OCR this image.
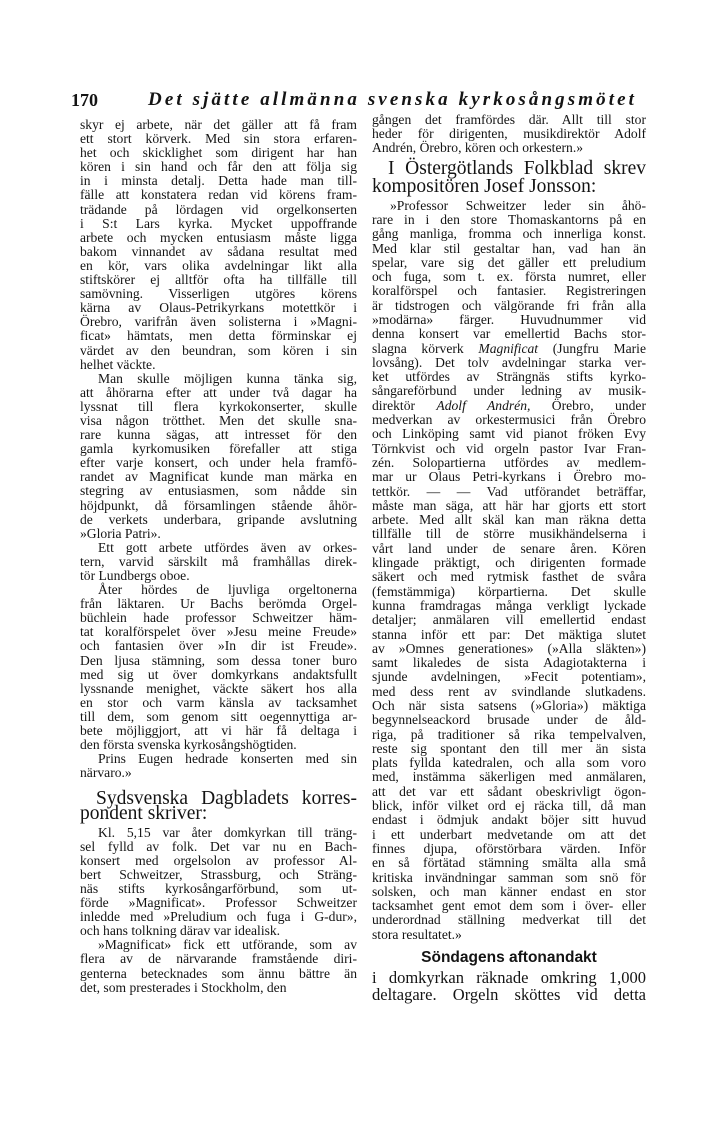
170	Det sjätte allmänna svenska kyrkosångsmötet
skyr ej arbete, när det gäller att få fram
ett stort körverk. Med sin stora erfaren-
het och skicklighet som dirigent har han
kören i sin hand och får den att följa sig
in i minsta detalj. Detta hade man till-
fälle att konstatera redan vid körens fram-
trädande på lördagen vid orgelkonserten
i S:t Lars kyrka. Mycket uppoffrande
arbete och mycken entusiasm måste ligga
bakom vinnandet av sådana resultat med
en kör, vars olika avdelningar likt alla
stiftskörer ej alltför ofta ha tillfälle till
samövning. Visserligen utgöres körens
kärna av Olaus-Petrikyrkans motettkör i
Örebro, varifrån även solisterna i »Magni-
ficat» hämtats, men detta förminskar ej
värdet av den beundran, som kören i sin
helhet väckte.
Man skulle möjligen kunna tänka sig,
att åhörarna efter att under två dagar ha
lyssnat till flera kyrkokonserter, skulle
visa någon trötthet. Men det skulle sna-
rare kunna sägas, att intresset för den
gamla kyrkomusiken förefaller att stiga
efter varje konsert, och under hela framfö-
randet av Magnificat kunde man märka en
stegring av entusiasmen, som nådde sin
höjdpunkt, då församlingen stående åhör-
de verkets underbara, gripande avslutning
»Gloria Patri».
Ett gott arbete utfördes även av orkes-
tern, varvid särskilt må framhållas direk-
tör Lundbergs oboe.
Åter hördes de ljuvliga orgeltonerna
från läktaren. Ur Bachs berömda Orgel-
büchlein hade professor Schweitzer häm-
tat koralförspelet över »Jesu meine Freude»
och fantasien över »In dir ist Freude».
Den ljusa stämning, som dessa toner buro
med sig ut över domkyrkans andaktsfullt
lyssnande menighet, väckte säkert hos alla
en stor och varm känsla av tacksamhet
till dem, som genom sitt oegennyttiga ar-
bete möjliggjort, att vi här få deltaga i
den första svenska kyrkosångshögtiden.
Prins Eugen hedrade konserten med sin
närvaro.»
Sydsvenska Dagbladets korres-
pondent skriver:
Kl. 5,15 var åter domkyrkan till träng-
sel fylld av folk. Det var nu en Bach-
konsert med orgelsolon av professor Al-
bert Schweitzer, Strassburg, och Sträng-
näs stifts kyrkosångarförbund, som ut-
förde »Magnificat». Professor Schweitzer
inledde med »Preludium och fuga i G-dur»,
och hans tolkning därav var idealisk.
»Magnificat» fick ett utförande, som av
flera av de närvarande framstående diri-
genterna betecknades som ännu bättre än
det, som presterades i Stockholm, den
gången det framfördes där. Allt till stor
heder för dirigenten, musikdirektör Adolf
Andrén, Örebro, kören och orkestern.»
I Östergötlands Folkblad skrev
kompositören Josef Jonsson:
»Professor Schweitzer leder sin åhö-
rare in i den store Thomaskantorns på en
gång manliga, fromma och innerliga konst.
Med klar stil gestaltar han, vad han än
spelar, vare sig det gäller ett preludium
och fuga, som t. ex. första numret, eller
koralförspel och fantasier. Registreringen
är tidstrogen och välgörande fri från alla
»modärna» färger. Huvudnummer vid
denna konsert var emellertid Bachs stor-
slagna körverk Magnificat (Jungfru Marie
lovsång). Det tolv avdelningar starka ver-
ket utfördes av Strängnäs stifts kyrko-
sångareförbund under ledning av musik-
direktör Adolf Andrén, Örebro, under
medverkan av orkestermusici från Örebro
och Linköping samt vid pianot fröken Evy
Törnkvist och vid orgeln pastor Ivar Fran-
zén. Solopartierna utfördes av medlem-
mar ur Olaus Petri-kyrkans i Örebro mo-
tettkör. — — Vad utförandet beträffar,
måste man säga, att här har gjorts ett stort
arbete. Med allt skäl kan man räkna detta
tillfälle till de större musikhändelserna i
vårt land under de senare åren. Kören
klingade präktigt, och dirigenten formade
säkert och med rytmisk fasthet de svåra
(femstämmiga) körpartierna. Det skulle
kunna framdragas många verkligt lyckade
detaljer; anmälaren vill emellertid endast
stanna inför ett par: Det mäktiga slutet
av »Omnes generationes» (»Alla släkten»)
samt likaledes de sista Adagiotakterna i
sjunde avdelningen, »Fecit potentiam»,
med dess rent av svindlande slutkadens.
Och när sista satsens (»Gloria») mäktiga
begynnelseackord brusade under de åld-
riga, på traditioner så rika tempelvalven,
reste sig spontant den till mer än sista
plats fyllda katedralen, och alla som voro
med, instämma säkerligen med anmälaren,
att det var ett sådant obeskrivligt ögon-
blick, inför vilket ord ej räcka till, då man
endast i ödmjuk andakt böjer sitt huvud
i ett underbart medvetande om att det
finnes djupa, oförstörbara värden. Inför
en så förtätad stämning smälta alla små
kritiska invändningar samman som snö för
solsken, och man känner endast en stor
tacksamhet gent emot dem som i över- eller
underordnad ställning medverkat till det
stora resultatet.»
Söndagens aftonandakt
i domkyrkan räknade omkring 1,000
deltagare. Orgeln sköttes vid detta
